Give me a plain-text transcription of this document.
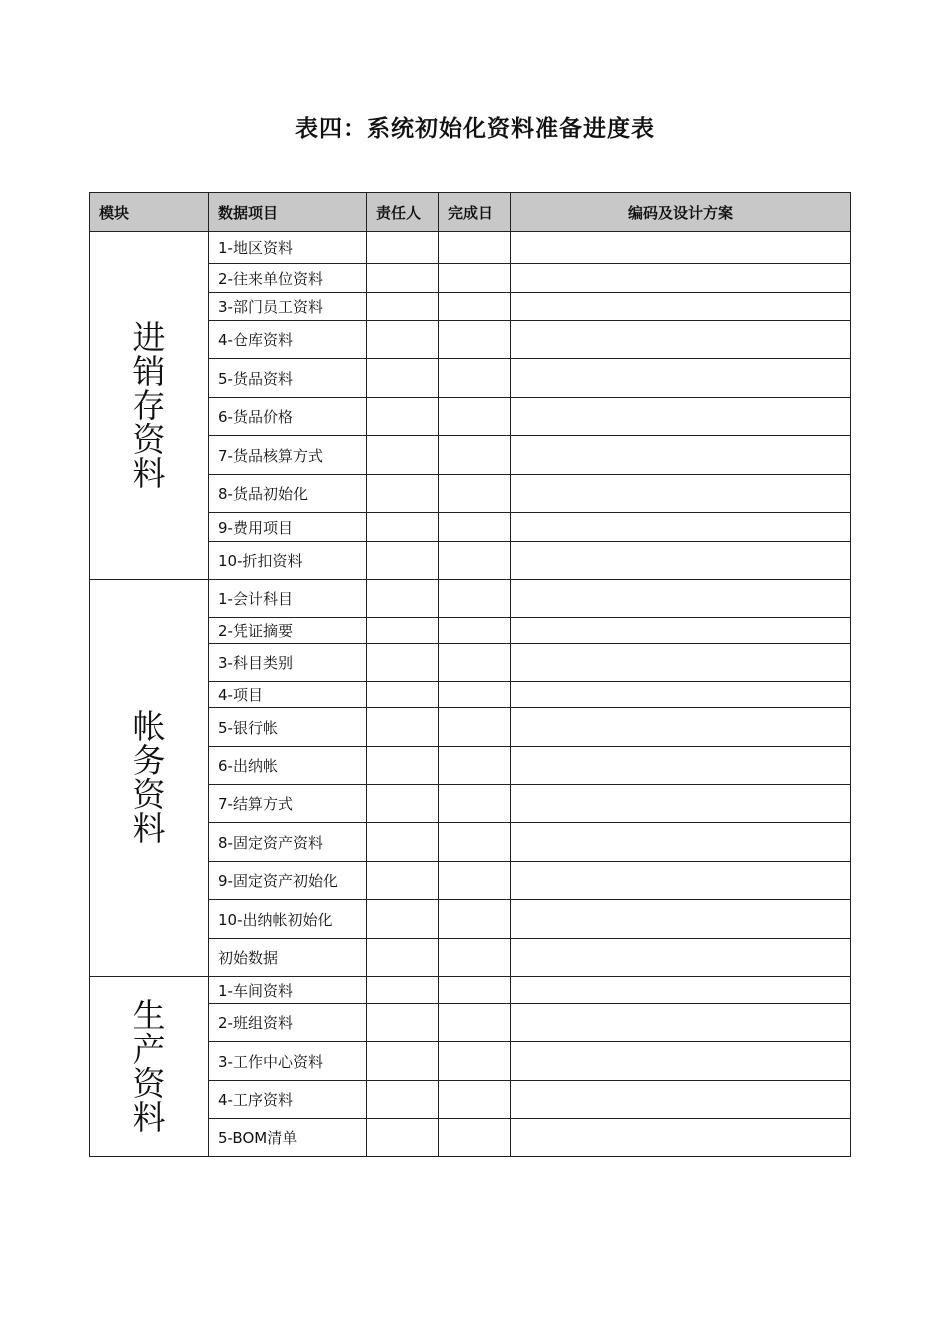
表四：系统初始化资料准备进度表
模块	数据项目	责任人	完成日	编码及设计方案

进
销
存
资
料	1-地区资料			
	2-往来单位资料			
	3-部门员工资料			
	4-仓库资料			
	5-货品资料			
	6-货品价格			
	7-货品核算方式			
	8-货品初始化			
	9-费用项目			
	10-折扣资料			

帐
务
资
料	1-会计科目			
	2-凭证摘要			
	3-科目类别			
	4-项目			
	5-银行帐			
	6-出纳帐			
	7-结算方式			
	8-固定资产资料			
	9-固定资产初始化			
	10-出纳帐初始化			
	初始数据			

生
产
资
料	1-车间资料			
	2-班组资料			
	3-工作中心资料			
	4-工序资料			
	5-BOM清单			
